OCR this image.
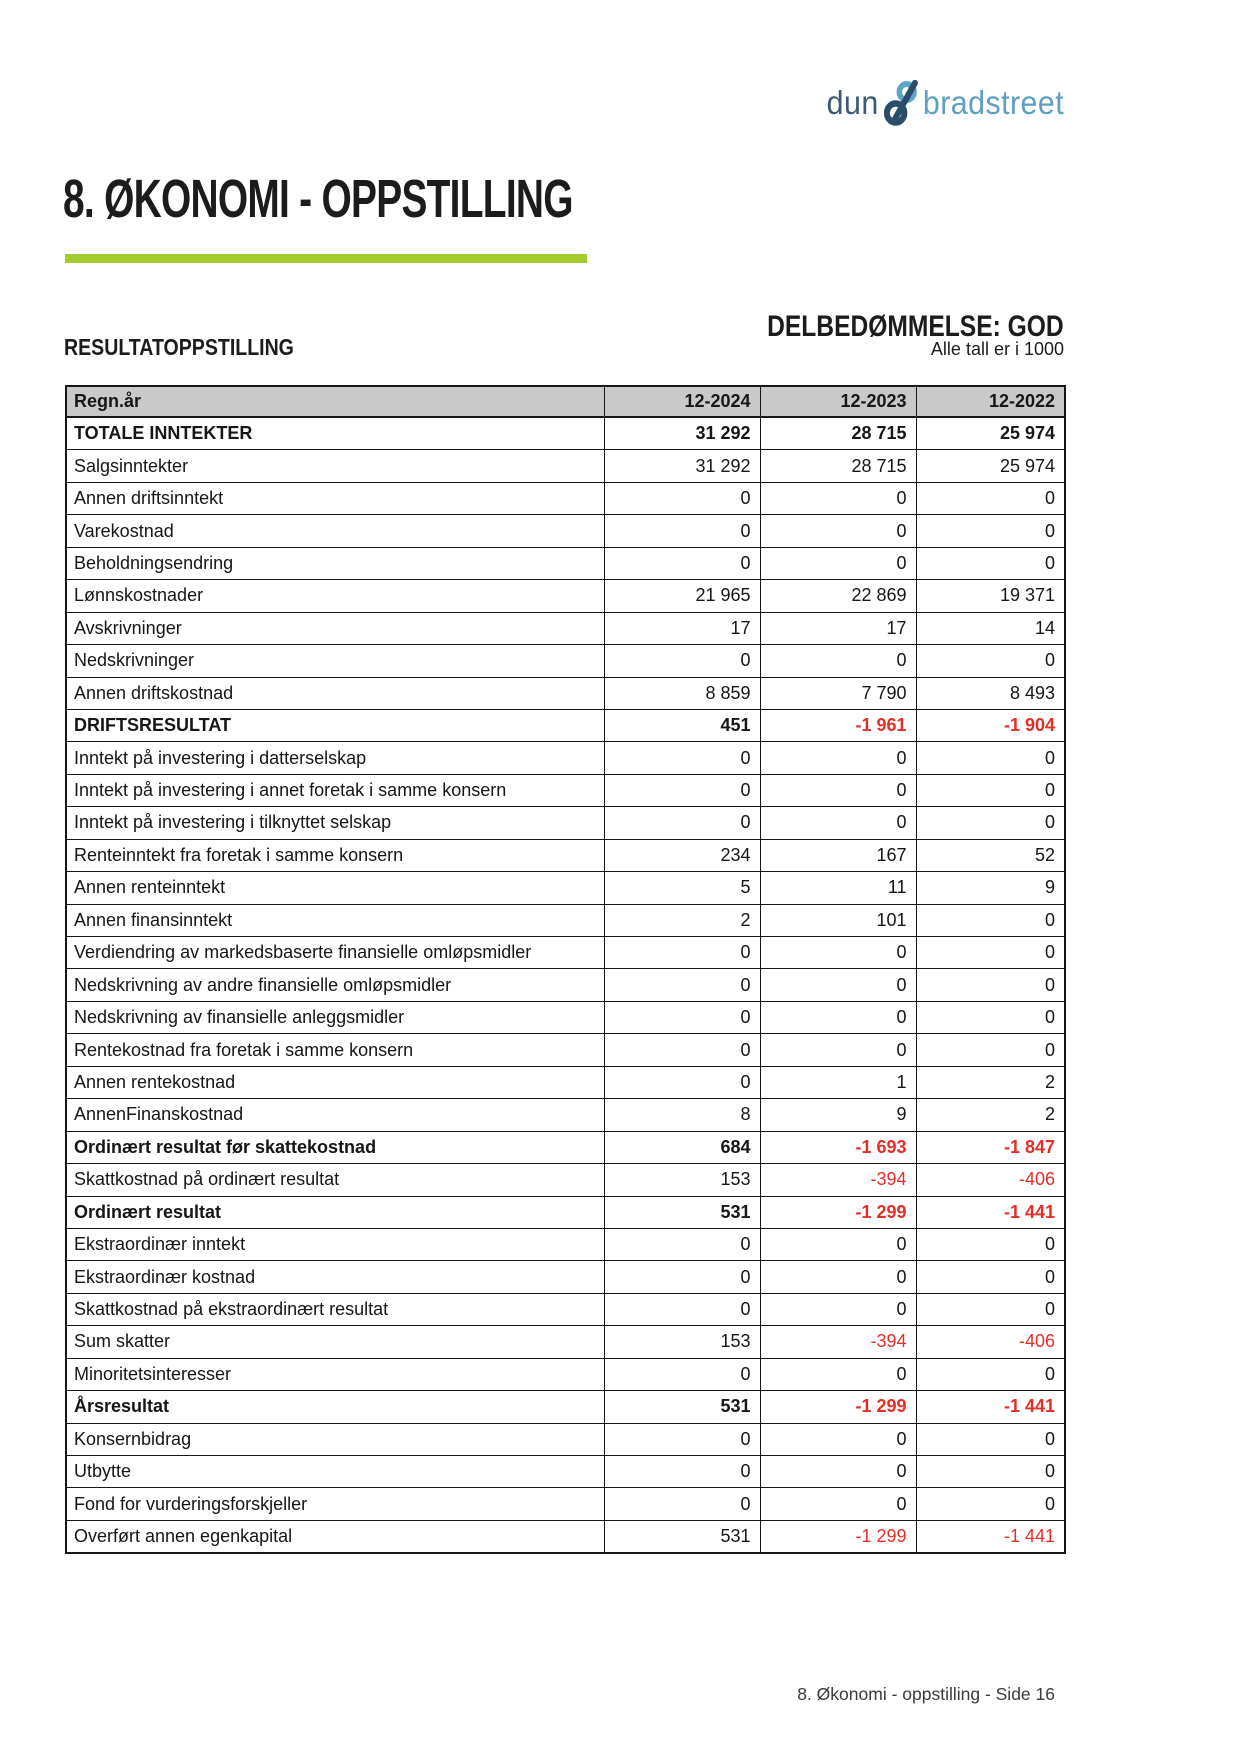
dun bradstreet
8. ØKONOMI - OPPSTILLING
DELBEDØMMELSE: GOD
RESULTATOPPSTILLING	Alle tall er i 1000
Regn.år	12-2024	12-2023	12-2022
TOTALE INNTEKTER	31 292	28 715	25 974
Salgsinntekter	31 292	28 715	25 974
Annen driftsinntekt	0	0	0
Varekostnad	0	0	0
Beholdningsendring	0	0	0
Lønnskostnader	21 965	22 869	19 371
Avskrivninger	17	17	14
Nedskrivninger	0	0	0
Annen driftskostnad	8 859	7 790	8 493
DRIFTSRESULTAT	451	-1 961	-1 904
Inntekt på investering i datterselskap	0	0	0
Inntekt på investering i annet foretak i samme konsern	0	0	0
Inntekt på investering i tilknyttet selskap	0	0	0
Renteinntekt fra foretak i samme konsern	234	167	52
Annen renteinntekt	5	11	9
Annen finansinntekt	2	101	0
Verdiendring av markedsbaserte finansielle omløpsmidler	0	0	0
Nedskrivning av andre finansielle omløpsmidler	0	0	0
Nedskrivning av finansielle anleggsmidler	0	0	0
Rentekostnad fra foretak i samme konsern	0	0	0
Annen rentekostnad	0	1	2
AnnenFinanskostnad	8	9	2
Ordinært resultat før skattekostnad	684	-1 693	-1 847
Skattkostnad på ordinært resultat	153	-394	-406
Ordinært resultat	531	-1 299	-1 441
Ekstraordinær inntekt	0	0	0
Ekstraordinær kostnad	0	0	0
Skattkostnad på ekstraordinært resultat	0	0	0
Sum skatter	153	-394	-406
Minoritetsinteresser	0	0	0
Årsresultat	531	-1 299	-1 441
Konsernbidrag	0	0	0
Utbytte	0	0	0
Fond for vurderingsforskjeller	0	0	0
Overført annen egenkapital	531	-1 299	-1 441
8. Økonomi - oppstilling - Side 16
